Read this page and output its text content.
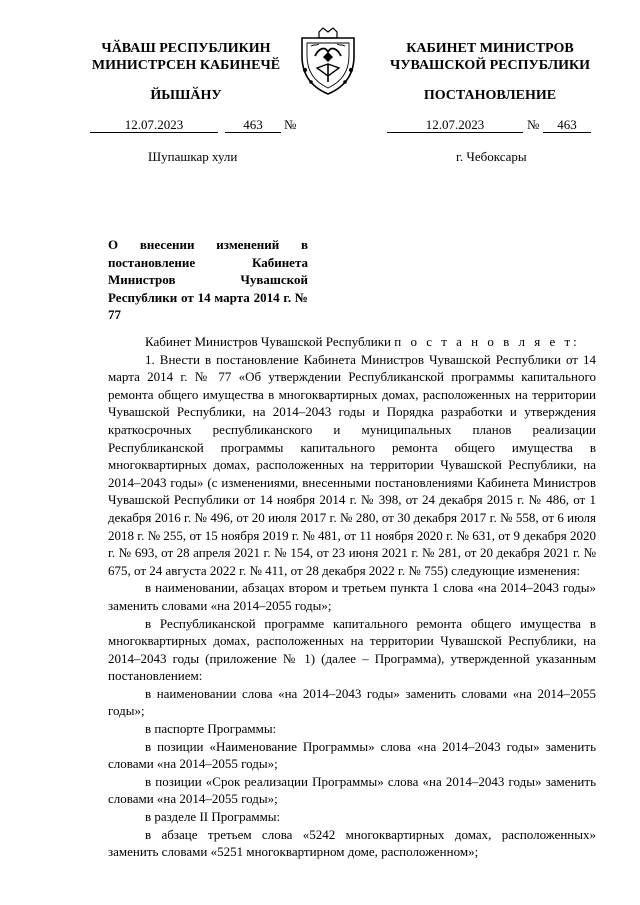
ЧӐВАШ РЕСПУБЛИКИН
МИНИСТРСЕН КАБИНЕЧӖ
ЙЫШӐНУ
КАБИНЕТ МИНИСТРОВ
ЧУВАШСКОЙ РЕСПУБЛИКИ
ПОСТАНОВЛЕНИЕ
12.07.2023	463	№	12.07.2023	№	463
Шупашкар хули	г. Чебоксары
О внесении изменений в постановление Кабинета Министров Чувашской Республики от 14 марта 2014 г. № 77

Кабинет Министров Чувашской Республики п о с т а н о в л я е т:

1. Внести в постановление Кабинета Министров Чувашской Республики от 14 марта 2014 г. № 77 «Об утверждении Республиканской программы капитального ремонта общего имущества в многоквартирных домах, расположенных на территории Чувашской Республики, на 2014–2043 годы и Порядка разработки и утверждения краткосрочных республиканского и муниципальных планов реализации Республиканской программы капитального ремонта общего имущества в многоквартирных домах, расположенных на территории Чувашской Республики, на 2014–2043 годы» (с изменениями, внесенными постановлениями Кабинета Министров Чувашской Республики от 14 ноября 2014 г. № 398, от 24 декабря 2015 г. № 486, от 1 декабря 2016 г. № 496, от 20 июля 2017 г. № 280, от 30 декабря 2017 г. № 558, от 6 июля 2018 г. № 255, от 15 ноября 2019 г. № 481, от 11 ноября 2020 г. № 631, от 9 декабря 2020 г. № 693, от 28 апреля 2021 г. № 154, от 23 июня 2021 г. № 281, от 20 декабря 2021 г. № 675, от 24 августа 2022 г. № 411, от 28 декабря 2022 г. № 755) следующие изменения:

в наименовании, абзацах втором и третьем пункта 1 слова «на 2014–2043 годы» заменить словами «на 2014–2055 годы»;

в Республиканской программе капитального ремонта общего имущества в многоквартирных домах, расположенных на территории Чувашской Республики, на 2014–2043 годы (приложение № 1) (далее – Программа), утвержденной указанным постановлением:

в наименовании слова «на 2014–2043 годы» заменить словами «на 2014–2055 годы»;

в паспорте Программы:

в позиции «Наименование Программы» слова «на 2014–2043 годы» заменить словами «на 2014–2055 годы»;

в позиции «Срок реализации Программы» слова «на 2014–2043 годы» заменить словами «на 2014–2055 годы»;

в разделе II Программы:

в абзаце третьем слова «5242 многоквартирных домах, расположенных» заменить словами «5251 многоквартирном доме, расположенном»;
